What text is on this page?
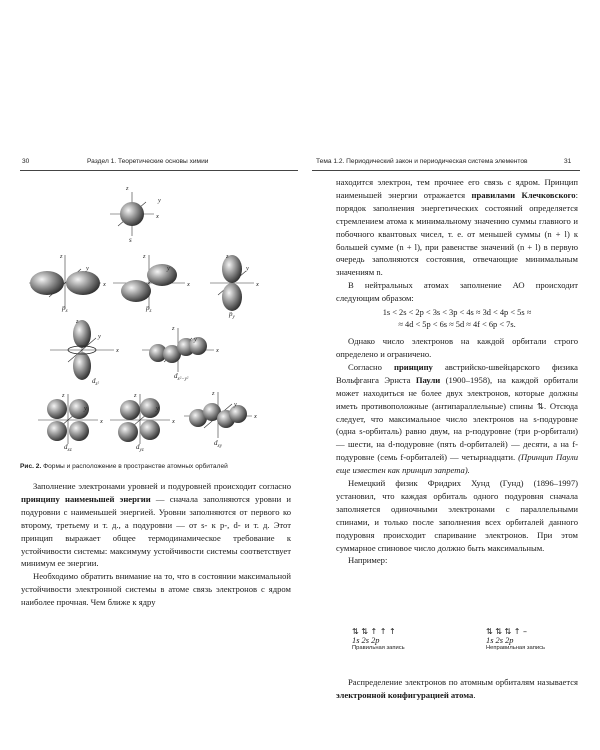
30	Раздел 1. Теоретические основы химии
z
y
x
z
y
x
z
y
x
z
y
x
z
y
x
z
y
x
z
y
x
z
y
x
z
y
x
s
$p_x$	$p_z$	$p_y$
$d_{z^2}$
$d_{x^2-y^2}$
$d_{xz}$	$d_{yz}$
$d_{xy}$
Рис. 2. Формы и расположение в пространстве атомных орбиталей

Заполнение электронами уровней и подуровней происходит согласно принципу наименьшей энергии — сначала заполняются уровни и подуровни с наименьшей энергией. Уровни заполняются от первого ко второму, третьему и т. д., а подуровни — от s- к p-, d- и т. д. Этот принцип выражает общее термодинамическое требование к устойчивости системы: максимуму устойчивости системы соответствует минимум ее энергии.

Необходимо обратить внимание на то, что в состоянии максимальной устойчивости электронной системы в атоме связь электронов с ядром наиболее прочная. Чем ближе к ядру

Тема 1.2. Периодический закон и периодическая система элементов	31

находится электрон, тем прочнее его связь с ядром. Принцип наименьшей энергии отражается правилами Клечковского: порядок заполнения энергетических состояний определяется стремлением атома к минимальному значению суммы главного и побочного квантовых чисел, т. е. от меньшей суммы (n + l) к большей сумме (n + l), при равенстве значений (n + l) в первую очередь заполняются состояния, отвечающие минимальным значениям n.

В нейтральных атомах заполнение АО происходит следующим образом:

1s < 2s < 2p < 3s < 3p < 4s ≈ 3d < 4p < 5s ≈
≈ 4d < 5p < 6s ≈ 5d ≈ 4f < 6p < 7s.

Однако число электронов на каждой орбитали строго определено и ограничено.

Согласно принципу австрийско-швейцарского физика Вольфганга Эрнста Паули (1900–1958), на каждой орбитали может находиться не более двух электронов, которые должны иметь противоположные (антипараллельные) спины ⇅. Отсюда следует, что максимальное число электронов на s-подуровне (одна s-орбиталь) равно двум, на p-подуровне (три p-орбитали) — шести, на d-подуровне (пять d-орбиталей) — десяти, а на f-подуровне (семь f-орбиталей) — четырнадцати. (Принцип Паули еще известен как принцип запрета).

Немецкий физик Фридрих Хунд (Гунд) (1896–1997) установил, что каждая орбиталь одного подуровня сначала заполняется одиночными электронами с параллельными спинами, и только после заполнения всех орбиталей данного подуровня происходит спаривание электронов. При этом суммарное спиновое число должно быть максимальным.

Например:

⇅ ⇅ ↑ ↑ ↑
1s 2s 2p
Правильная запись
⇅ ⇅ ⇅ ↑ –
1s 2s 2p
Неправильная запись

Распределение электронов по атомным орбиталям называется электронной конфигурацией атома.
